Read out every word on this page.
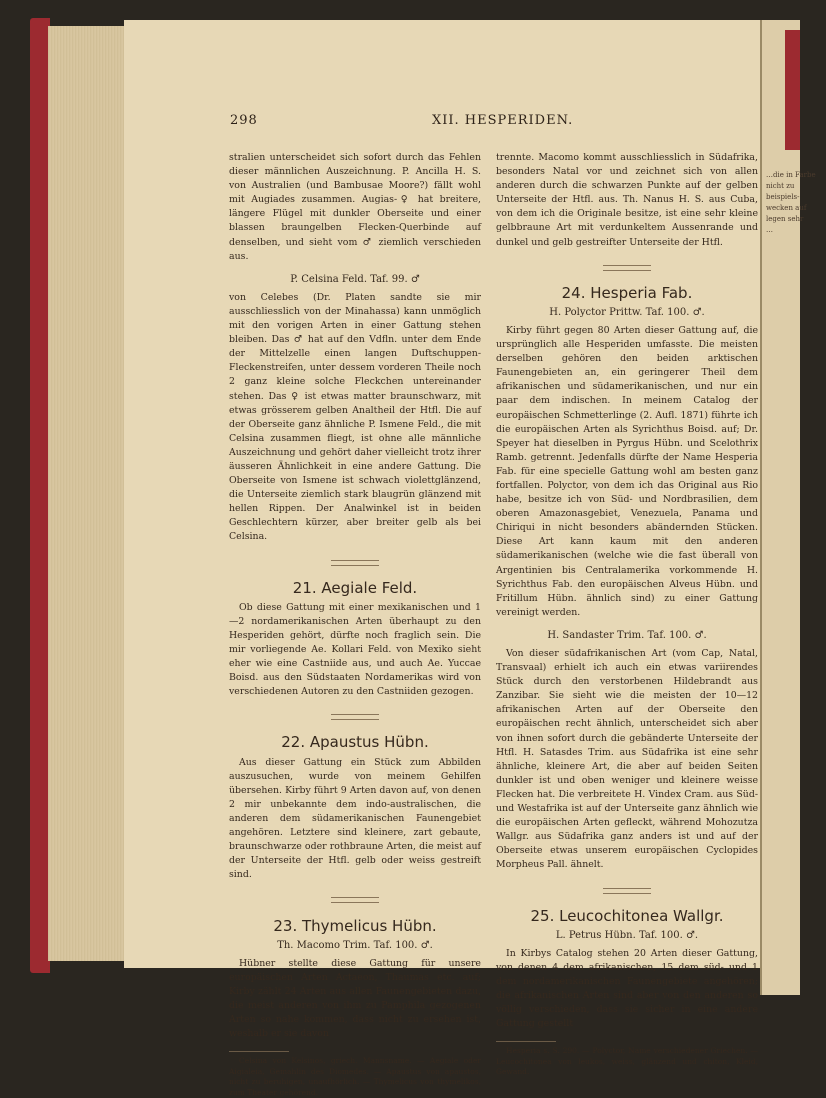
…die in Farbe
nicht zu
beispiels-
wecken auf
legen sehr
…
298	XII. HESPERIDEN.

stralien unterscheidet sich sofort durch das Fehlen dieser männlichen Auszeichnung. P. Ancilla H. S. von Australien (und Bambusae Moore?) fällt wohl mit Augiades zusammen. Augias-♀ hat breitere, längere Flügel mit dunkler Oberseite und einer blassen braungelben Flecken-Querbinde auf denselben, und sieht vom ♂ ziemlich verschieden aus.

P. Celsina Feld. Taf. 99. ♂

von Celebes (Dr. Platen sandte sie mir ausschliesslich von der Minahassa) kann unmöglich mit den vorigen Arten in einer Gattung stehen bleiben. Das ♂ hat auf den Vdfln. unter dem Ende der Mittelzelle einen langen Duftschuppen-Fleckenstreifen, unter dessem vorderen Theile noch 2 ganz kleine solche Fleckchen untereinander stehen. Das ♀ ist etwas matter braunschwarz, mit etwas grösserem gelben Analtheil der Htfl. Die auf der Oberseite ganz ähnliche P. Ismene Feld., die mit Celsina zusammen fliegt, ist ohne alle männliche Auszeichnung und gehört daher vielleicht trotz ihrer äusseren Ähnlichkeit in eine andere Gattung. Die Oberseite von Ismene ist schwach violettglänzend, die Unterseite ziemlich stark blaugrün glänzend mit hellen Rippen. Der Analwinkel ist in beiden Geschlechtern kürzer, aber breiter gelb als bei Celsina.

21. Aegiale Feld.

Ob diese Gattung mit einer mexikanischen und 1—2 nordamerikanischen Arten überhaupt zu den Hesperiden gehört, dürfte noch fraglich sein. Die mir vorliegende Ae. Kollari Feld. von Mexiko sieht eher wie eine Castniide aus, und auch Ae. Yuccae Boisd. aus den Südstaaten Nordamerikas wird von verschiedenen Autoren zu den Castniiden gezogen.

22. Apaustus Hübn.

Aus dieser Gattung ein Stück zum Abbilden auszusuchen, wurde von meinem Gehilfen übersehen. Kirby führt 9 Arten davon auf, von denen 2 mir unbekannte dem indo-australischen, die anderen dem südamerikanischen Faunengebiet angehören. Letztere sind kleinere, zart gebaute, braunschwarze oder rothbraune Arten, die meist auf der Unterseite der Htfl. gelb oder weiss gestreift sind.

23. Thymelicus Hübn.
Th. Macomo Trim. Taf. 100. ♂.

Hübner stellte diese Gattung für unsere europäischen Arten Actaeon, Thaumas etc. auf; Kirby zählt 24 Arten aus allen Faunengebieten dazu, die meist anderen von ihm zu Pamphila gezogenen Arten so nahe kommen, dass nicht zu ersehen ist, weshalb er sie davon

Celsina von Kelsinos, griech. Mannsname. — Aegiale oder Aigialeia, Gemahlin des Diomedes. — Apaustus von apaustos, nicht zu beruhigen, unaufhörlich. — Thymelicus von thymelikos, zum Theater gehörend.

trennte. Macomo kommt ausschliesslich in Südafrika, besonders Natal vor und zeichnet sich von allen anderen durch die schwarzen Punkte auf der gelben Unterseite der Htfl. aus. Th. Nanus H. S. aus Cuba, von dem ich die Originale besitze, ist eine sehr kleine gelbbraune Art mit verdunkeltem Aussenrande und dunkel und gelb gestreifter Unterseite der Htfl.

24. Hesperia Fab.
H. Polyctor Prittw. Taf. 100. ♂.

Kirby führt gegen 80 Arten dieser Gattung auf, die ursprünglich alle Hesperiden umfasste. Die meisten derselben gehören den beiden arktischen Faunengebieten an, ein geringerer Theil dem afrikanischen und südamerikanischen, und nur ein paar dem indischen. In meinem Catalog der europäischen Schmetterlinge (2. Aufl. 1871) führte ich die europäischen Arten als Syrichthus Boisd. auf; Dr. Speyer hat dieselben in Pyrgus Hübn. und Scelothrix Ramb. getrennt. Jedenfalls dürfte der Name Hesperia Fab. für eine specielle Gattung wohl am besten ganz fortfallen. Polyctor, von dem ich das Original aus Rio habe, besitze ich von Süd- und Nordbrasilien, dem oberen Amazonasgebiet, Venezuela, Panama und Chiriqui in nicht besonders abändernden Stücken. Diese Art kann kaum mit den anderen südamerikanischen (welche wie die fast überall von Argentinien bis Centralamerika vorkommende H. Syrichthus Fab. den europäischen Alveus Hübn. und Fritillum Hübn. ähnlich sind) zu einer Gattung vereinigt werden.

H. Sandaster Trim. Taf. 100. ♂.

Von dieser südafrikanischen Art (vom Cap, Natal, Transvaal) erhielt ich auch ein etwas variirendes Stück durch den verstorbenen Hildebrandt aus Zanzibar. Sie sieht wie die meisten der 10—12 afrikanischen Arten auf der Oberseite den europäischen recht ähnlich, unterscheidet sich aber von ihnen sofort durch die gebänderte Unterseite der Htfl. H. Satasdes Trim. aus Südafrika ist eine sehr ähnliche, kleinere Art, die aber auf beiden Seiten dunkler ist und oben weniger und kleinere weisse Flecken hat. Die verbreitete H. Vindex Cram. aus Süd- und Westafrika ist auf der Unterseite ganz ähnlich wie die europäischen Arten gefleckt, während Mohozutza Wallgr. aus Südafrika ganz anders ist und auf der Oberseite etwas unserem europäischen Cyclopides Morpheus Pall. ähnelt.

25. Leucochitonea Wallgr.
L. Petrus Hübn. Taf. 100. ♂.

In Kirbys Catalog stehen 20 Arten dieser Gattung, von denen 4 dem afrikanischen, 15 dem süd- und 1 dem nordamerikanischen Faunengebiete angehören; die afrikanischen Arten sind aber von den anderen so völlig verschieden, dass sie sicher in eine andere Gattung gestellt

Hesperia s. S. 290. — Polyctor, Name verschiedener Griechen. — Leucochitonea von leukos, weiss, glänzend und chiton, Kleid, Gewand.
